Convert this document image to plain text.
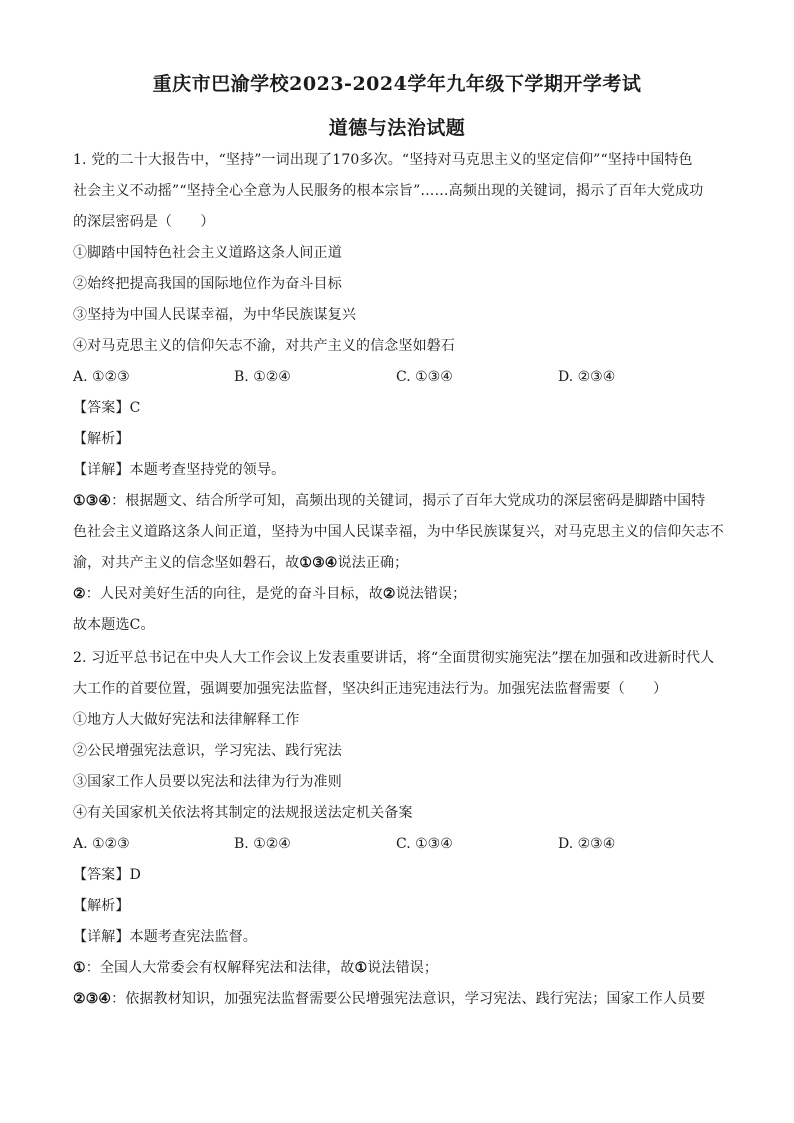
重庆市巴渝学校2023-2024学年九年级下学期开学考试
道德与法治试题
1. 党的二十大报告中，“坚持”一词出现了170多次。“坚持对马克思主义的坚定信仰”“坚持中国特色
社会主义不动摇”“坚持全心全意为人民服务的根本宗旨”……高频出现的关键词，揭示了百年大党成功
的深层密码是（　　）
①脚踏中国特色社会主义道路这条人间正道
②始终把提高我国的国际地位作为奋斗目标
③坚持为中国人民谋幸福，为中华民族谋复兴
④对马克思主义的信仰矢志不渝，对共产主义的信念坚如磐石
A. ①②③	B. ①②④	C. ①③④	D. ②③④
【答案】C
【解析】
【详解】本题考查坚持党的领导。
①③④：根据题文、结合所学可知，高频出现的关键词，揭示了百年大党成功的深层密码是脚踏中国特
色社会主义道路这条人间正道，坚持为中国人民谋幸福，为中华民族谋复兴，对马克思主义的信仰矢志不
渝，对共产主义的信念坚如磐石，故①③④说法正确；
②：人民对美好生活的向往，是党的奋斗目标，故②说法错误；
故本题选C。
2. 习近平总书记在中央人大工作会议上发表重要讲话，将“全面贯彻实施宪法”摆在加强和改进新时代人
大工作的首要位置，强调要加强宪法监督，坚决纠正违宪违法行为。加强宪法监督需要（　　）
①地方人大做好宪法和法律解释工作
②公民增强宪法意识，学习宪法、践行宪法
③国家工作人员要以宪法和法律为行为准则
④有关国家机关依法将其制定的法规报送法定机关备案
A. ①②③	B. ①②④	C. ①③④	D. ②③④
【答案】D
【解析】
【详解】本题考查宪法监督。
①：全国人大常委会有权解释宪法和法律，故①说法错误；
②③④：依据教材知识，加强宪法监督需要公民增强宪法意识，学习宪法、践行宪法；国家工作人员要
